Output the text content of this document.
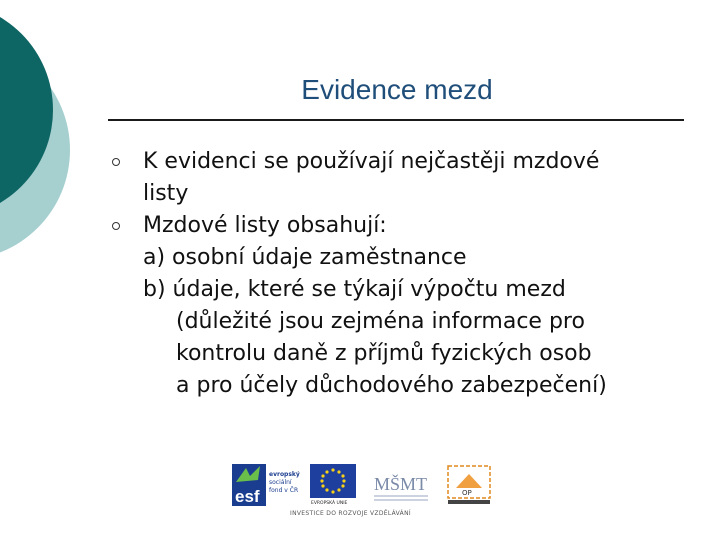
Evidence mezd
K evidenci se používají nejčastěji mzdové
listy
Mzdové listy obsahují:
a) osobní údaje zaměstnance
b) údaje, které se týkají výpočtu mezd
(důležité jsou zejména informace pro
kontrolu daně z příjmů fyzických osob
a pro účely důchodového zabezpečení)
esf
evropský
sociální
fond v ČR
EVROPSKÁ UNIE
MŠMT	OP
INVESTICE DO ROZVOJE VZDĚLÁVÁNÍ
